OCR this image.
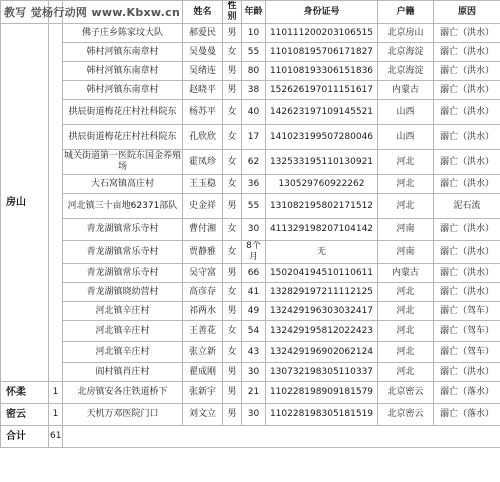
			姓名	性别	年龄	身份证号	户籍	原因
房山		佛子庄乡陈家坟大队	郝爱民	男	10	110111200203106515	北京房山	溺亡（洪水）
		韩村河镇东南章村	吴曼曼	女	55	110108195706171827	北京海淀	溺亡（洪水）
		韩村河镇东南章村	吴绪连	男	80	110108193306151836	北京海淀	溺亡（洪水）
		韩村河镇东南章村	赵晓平	男	38	152626197011151617	内蒙古	溺亡（洪水）
		拱辰街道梅花庄村社科院东	杨苏平	女	40	142623197109145521	山西	溺亡（洪水）
		拱辰街道梅花庄村社科院东	孔欣欣	女	17	141023199507280046	山西	溺亡（洪水）
		城关街道第一医院东国金养殖场	霍凤珍	女	62	132533195110130921	河北	溺亡（洪水）
		大石窝镇高庄村	王玉稳	女	36	130529760922262	河北	溺亡（洪水）
		河北镇三十亩地62371部队	史金祥	男	55	131082195802171512	河北	泥石流
		青龙湖镇常乐寺村	曹付湘	女	30	411329198207104142	河南	溺亡（洪水）
		青龙湖镇常乐寺村	贾静雅	女	8个月	无	河南	溺亡（洪水）
		青龙湖镇常乐寺村	吴守富	男	66	150204194510110611	内蒙古	溺亡（洪水）
		青龙湖镇晓幼营村	高彦存	女	41	132829197211112125	河北	溺亡（洪水）
		河北镇辛庄村	祁两水	男	49	132429196303032417	河北	溺亡（驾车）
		河北镇辛庄村	王善花	女	54	132429195812022423	河北	溺亡（驾车）
		河北镇辛庄村	张立新	女	43	132429196902062124	河北	溺亡（驾车）
		阎村镇肖庄村	翟成刚	男	30	130732198305110337	河北	溺亡（洪水）
怀柔	1	北房镇安各庄铁道桥下	张新宇	男	21	110228198909181579	北京密云	溺亡（落水）
密云	1	天机万邓医院门口	刘文立	男	30	110228198305181519	北京密云	溺亡（落水）
合计	61							
教写 觉杨行动网 www.Kbxw.cn
